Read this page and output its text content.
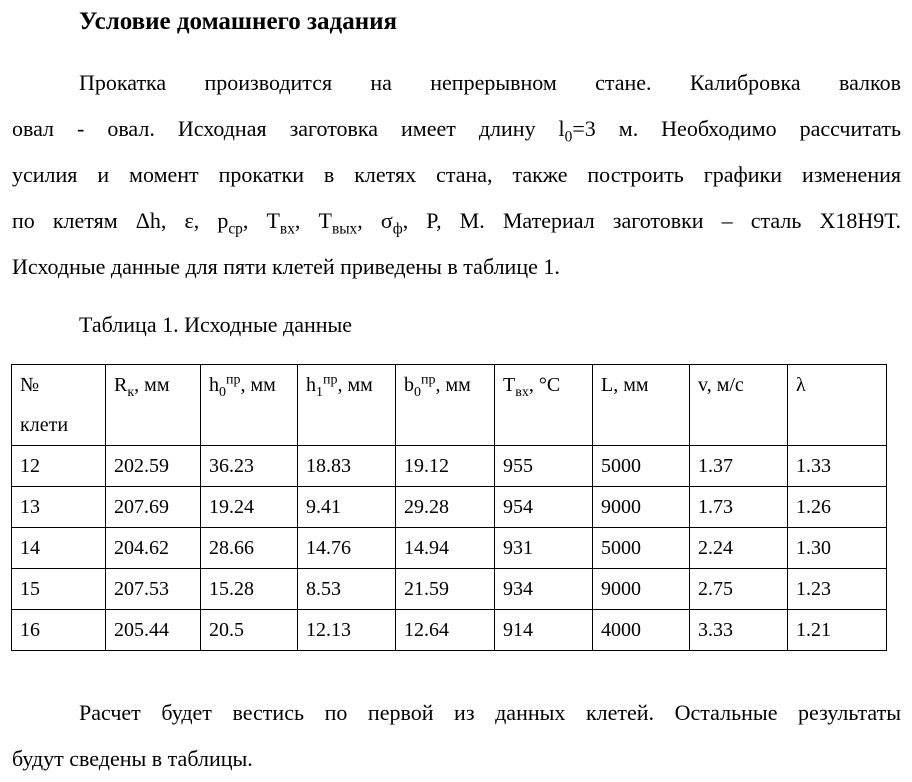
Условие домашнего задания
Прокатка производится на непрерывном стане. Калибровка валков
овал - овал. Исходная заготовка имеет длину $l_0=3$ м. Необходимо рассчитать
усилия и момент прокатки в клетях стана, также построить графики изменения
по клетям Δh, ε, $p_{ср}$, $T_{вх}$, $T_{вых}$, $\sigma_ф$, P, M. Материал заготовки – сталь Х18Н9Т.
Исходные данные для пяти клетей приведены в таблице 1.
Таблица 1. Исходные данные
№
клети	$R_к$, мм	$h_0^{пр}$, мм	$h_1^{пр}$, мм	$b_0^{пр}$, мм	$T_{вх}$, °C	L, мм	v, м/с	λ
12	202.59	36.23	18.83	19.12	955	5000	1.37	1.33
13	207.69	19.24	9.41	29.28	954	9000	1.73	1.26
14	204.62	28.66	14.76	14.94	931	5000	2.24	1.30
15	207.53	15.28	8.53	21.59	934	9000	2.75	1.23
16	205.44	20.5	12.13	12.64	914	4000	3.33	1.21
Расчет будет вестись по первой из данных клетей. Остальные результаты
будут сведены в таблицы.
